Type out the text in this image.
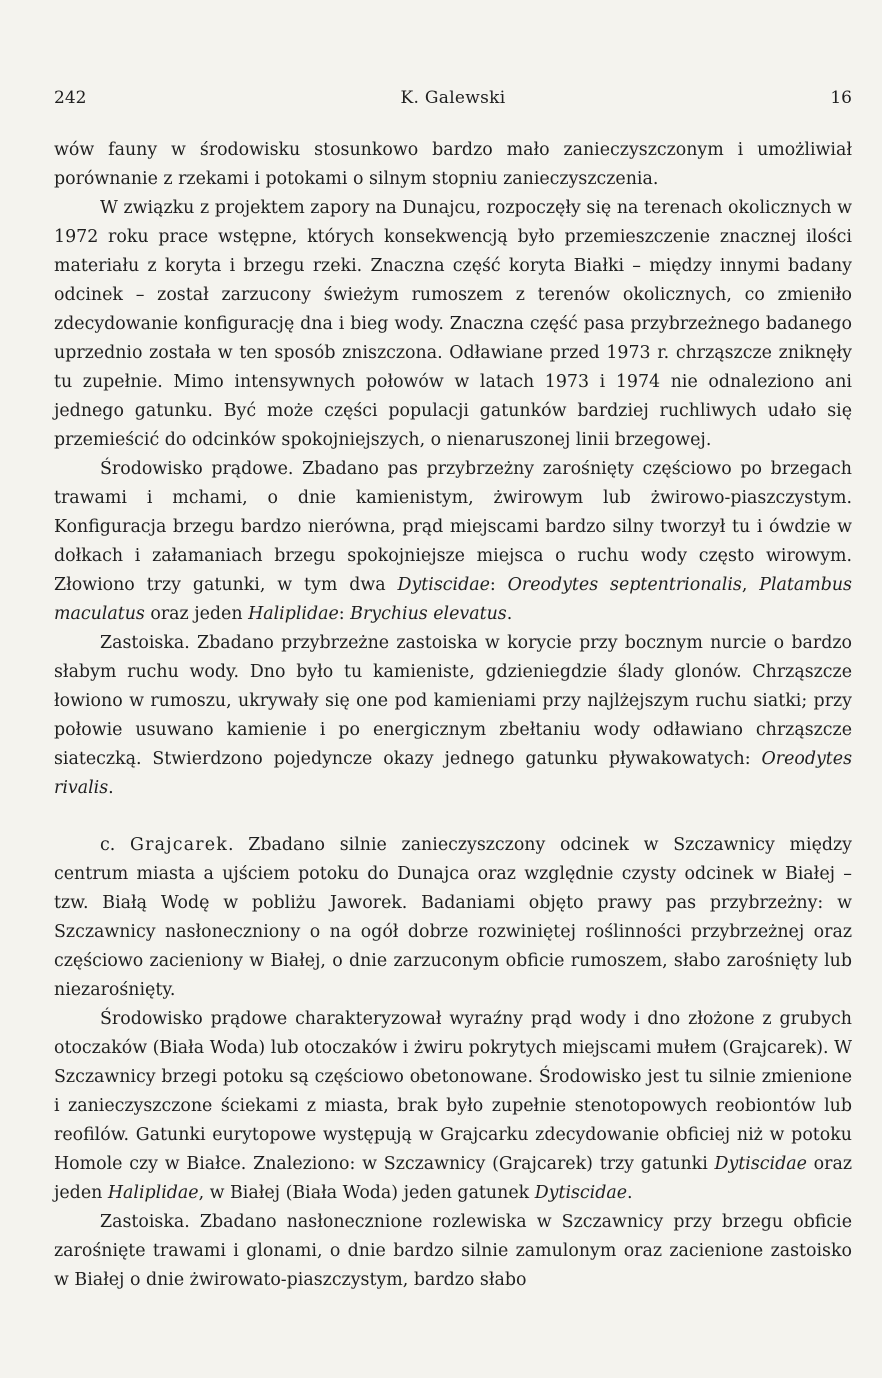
242	K. Galewski	16

wów fauny w środowisku stosunkowo bardzo mało zanieczyszczonym i umożliwiał porównanie z rzekami i potokami o silnym stopniu zanieczyszczenia.

W związku z projektem zapory na Dunajcu, rozpoczęły się na terenach okolicznych w 1972 roku prace wstępne, których konsekwencją było przemieszczenie znacznej ilości materiału z koryta i brzegu rzeki. Znaczna część koryta Białki – między innymi badany odcinek – został zarzucony świeżym rumoszem z terenów okolicznych, co zmieniło zdecydowanie konfigurację dna i bieg wody. Znaczna część pasa przybrzeżnego badanego uprzednio została w ten sposób zniszczona. Odławiane przed 1973 r. chrząszcze zniknęły tu zupełnie. Mimo intensywnych połowów w latach 1973 i 1974 nie odnaleziono ani jednego gatunku. Być może części populacji gatunków bardziej ruchliwych udało się przemieścić do odcinków spokojniejszych, o nienaruszonej linii brzegowej.

Środowisko prądowe. Zbadano pas przybrzeżny zarośnięty częściowo po brzegach trawami i mchami, o dnie kamienistym, żwirowym lub żwirowo-piaszczystym. Konfiguracja brzegu bardzo nierówna, prąd miejscami bardzo silny tworzył tu i ówdzie w dołkach i załamaniach brzegu spokojniejsze miejsca o ruchu wody często wirowym. Złowiono trzy gatunki, w tym dwa Dytiscidae: Oreodytes septentrionalis, Platambus maculatus oraz jeden Haliplidae: Brychius elevatus.

Zastoiska. Zbadano przybrzeżne zastoiska w korycie przy bocznym nurcie o bardzo słabym ruchu wody. Dno było tu kamieniste, gdzieniegdzie ślady glonów. Chrząszcze łowiono w rumoszu, ukrywały się one pod kamieniami przy najlżejszym ruchu siatki; przy połowie usuwano kamienie i po energicznym zbełtaniu wody odławiano chrząszcze siateczką. Stwierdzono pojedyncze okazy jednego gatunku pływakowatych: Oreodytes rivalis.

c. Grajcarek. Zbadano silnie zanieczyszczony odcinek w Szczawnicy między centrum miasta a ujściem potoku do Dunajca oraz względnie czysty odcinek w Białej – tzw. Białą Wodę w pobliżu Jaworek. Badaniami objęto prawy pas przybrzeżny: w Szczawnicy nasłoneczniony o na ogół dobrze rozwiniętej roślinności przybrzeżnej oraz częściowo zacieniony w Białej, o dnie zarzuconym obficie rumoszem, słabo zarośnięty lub niezarośnięty.

Środowisko prądowe charakteryzował wyraźny prąd wody i dno złożone z grubych otoczaków (Biała Woda) lub otoczaków i żwiru pokrytych miejscami mułem (Grajcarek). W Szczawnicy brzegi potoku są częściowo obetonowane. Środowisko jest tu silnie zmienione i zanieczyszczone ściekami z miasta, brak było zupełnie stenotopowych reobiontów lub reofilów. Gatunki eurytopowe występują w Grajcarku zdecydowanie obficiej niż w potoku Homole czy w Białce. Znaleziono: w Szczawnicy (Grajcarek) trzy gatunki Dytiscidae oraz jeden Haliplidae, w Białej (Biała Woda) jeden gatunek Dytiscidae.

Zastoiska. Zbadano nasłonecznione rozlewiska w Szczawnicy przy brzegu obficie zarośnięte trawami i glonami, o dnie bardzo silnie zamulonym oraz zacienione zastoisko w Białej o dnie żwirowato-piaszczystym, bardzo słabo
